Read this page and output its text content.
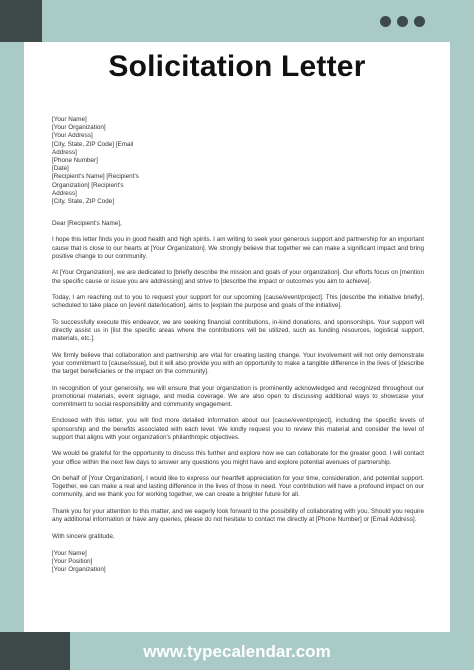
Solicitation Letter
[Your Name]
[Your Organization]
[Your Address]
[City, State, ZIP Code] [Email
Address]
[Phone Number]
[Date]
[Recipient's Name] [Recipient's
Organization] [Recipient's
Address]
[City, State, ZIP Code]

Dear [Recipient's Name],

I hope this letter finds you in good health and high spirits. I am writing to seek your generous support and partnership for an important cause that is close to our hearts at [Your Organization]. We strongly believe that together we can make a significant impact and bring positive change to our community.

At [Your Organization], we are dedicated to [briefly describe the mission and goals of your organization]. Our efforts focus on [mention the specific cause or issue you are addressing] and strive to [describe the impact or outcomes you aim to achieve].

Today, I am reaching out to you to request your support for our upcoming [cause/event/project]. This [describe the initiative briefly], scheduled to take place on [event date/location], aims to [explain the purpose and goals of the initiative].

To successfully execute this endeavor, we are seeking financial contributions, in-kind donations, and sponsorships. Your support will directly assist us in [list the specific areas where the contributions will be utilized, such as funding resources, logistical support, materials, etc.].

We firmly believe that collaboration and partnership are vital for creating lasting change. Your involvement will not only demonstrate your commitment to [cause/issue], but it will also provide you with an opportunity to make a tangible difference in the lives of [describe the target beneficiaries or the impact on the community].

In recognition of your generosity, we will ensure that your organization is prominently acknowledged and recognized throughout our promotional materials, event signage, and media coverage. We are also open to discussing additional ways to showcase your commitment to social responsibility and community engagement.

Enclosed with this letter, you will find more detailed information about our [cause/event/project], including the specific levels of sponsorship and the benefits associated with each level. We kindly request you to review this material and consider the level of support that aligns with your organization's philanthropic objectives.

We would be grateful for the opportunity to discuss this further and explore how we can collaborate for the greater good. I will contact your office within the next few days to answer any questions you might have and explore potential avenues of partnership.

On behalf of [Your Organization], I would like to express our heartfelt appreciation for your time, consideration, and potential support. Together, we can make a real and lasting difference in the lives of those in need. Your contribution will have a profound impact on our community, and we thank you for working together, we can create a brighter future for all.

Thank you for your attention to this matter, and we eagerly look forward to the possibility of collaborating with you. Should you require any additional information or have any queries, please do not hesitate to contact me directly at [Phone Number] or [Email Address].

With sincere gratitude,

[Your Name]
[Your Position]
[Your Organization]
www.typecalendar.com
